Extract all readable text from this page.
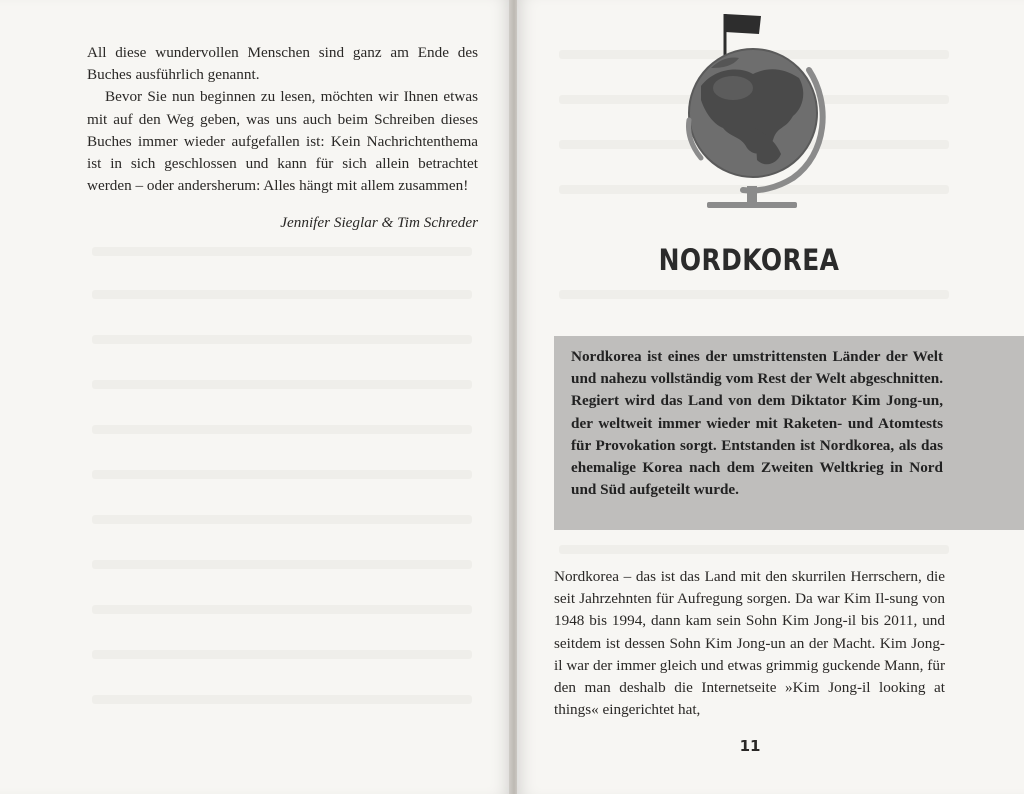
All diese wundervollen Menschen sind ganz am Ende des Buches ausführlich genannt.

Bevor Sie nun beginnen zu lesen, möchten wir Ihnen etwas mit auf den Weg geben, was uns auch beim Schreiben dieses Buches immer wieder aufgefallen ist: Kein Nachrichtenthema ist in sich geschlossen und kann für sich allein betrachtet werden – oder andersherum: Alles hängt mit allem zusammen!

Jennifer Sieglar & Tim Schreder
NORDKOREA
Nordkorea ist eines der umstrittensten Länder der Welt und nahezu vollständig vom Rest der Welt abgeschnitten. Regiert wird das Land von dem Diktator Kim Jong-un, der weltweit immer wieder mit Raketen- und Atomtests für Provokation sorgt. Entstanden ist Nordkorea, als das ehemalige Korea nach dem Zweiten Weltkrieg in Nord und Süd aufgeteilt wurde.

Nordkorea – das ist das Land mit den skurrilen Herrschern, die seit Jahrzehnten für Aufregung sorgen. Da war Kim Il-sung von 1948 bis 1994, dann kam sein Sohn Kim Jong-il bis 2011, und seitdem ist dessen Sohn Kim Jong-un an der Macht. Kim Jong-il war der immer gleich und etwas grimmig guckende Mann, für den man deshalb die Internetseite »Kim Jong-il looking at things« eingerichtet hat,

11
